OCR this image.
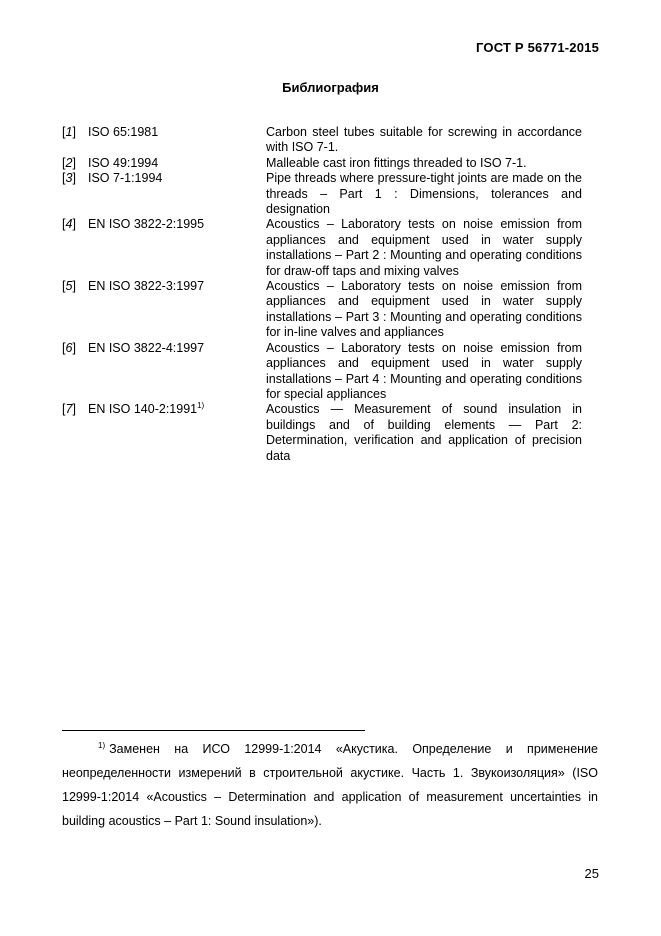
ГОСТ Р 56771-2015
Библиография
[1] ISO 65:1981	Carbon steel tubes suitable for screwing in accordance with ISO 7-1.
[2] ISO 49:1994	Malleable cast iron fittings threaded to ISO 7-1.
[3] ISO 7-1:1994	Pipe threads where pressure-tight joints are made on the threads – Part 1 : Dimensions, tolerances and designation
[4] EN ISO 3822-2:1995	Acoustics – Laboratory tests on noise emission from appliances and equipment used in water supply installations – Part 2 : Mounting and operating conditions for draw-off taps and mixing valves
[5] EN ISO 3822-3:1997	Acoustics – Laboratory tests on noise emission from appliances and equipment used in water supply installations – Part 3 : Mounting and operating conditions for in-line valves and appliances
[6] EN ISO 3822-4:1997	Acoustics – Laboratory tests on noise emission from appliances and equipment used in water supply installations – Part 4 : Mounting and operating conditions for special appliances
[7] EN ISO 140-2:1991$^{1)}$	Acoustics — Measurement of sound insulation in buildings and of building elements — Part 2: Determination, verification and application of precision data
$^{1)}$ Заменен на ИСО 12999-1:2014 «Акустика. Определение и применение неопределенности измерений в строительной акустике. Часть 1. Звукоизоляция» (ISO 12999-1:2014 «Acoustics – Determination and application of measurement uncertainties in building acoustics – Part 1: Sound insulation»).
25
